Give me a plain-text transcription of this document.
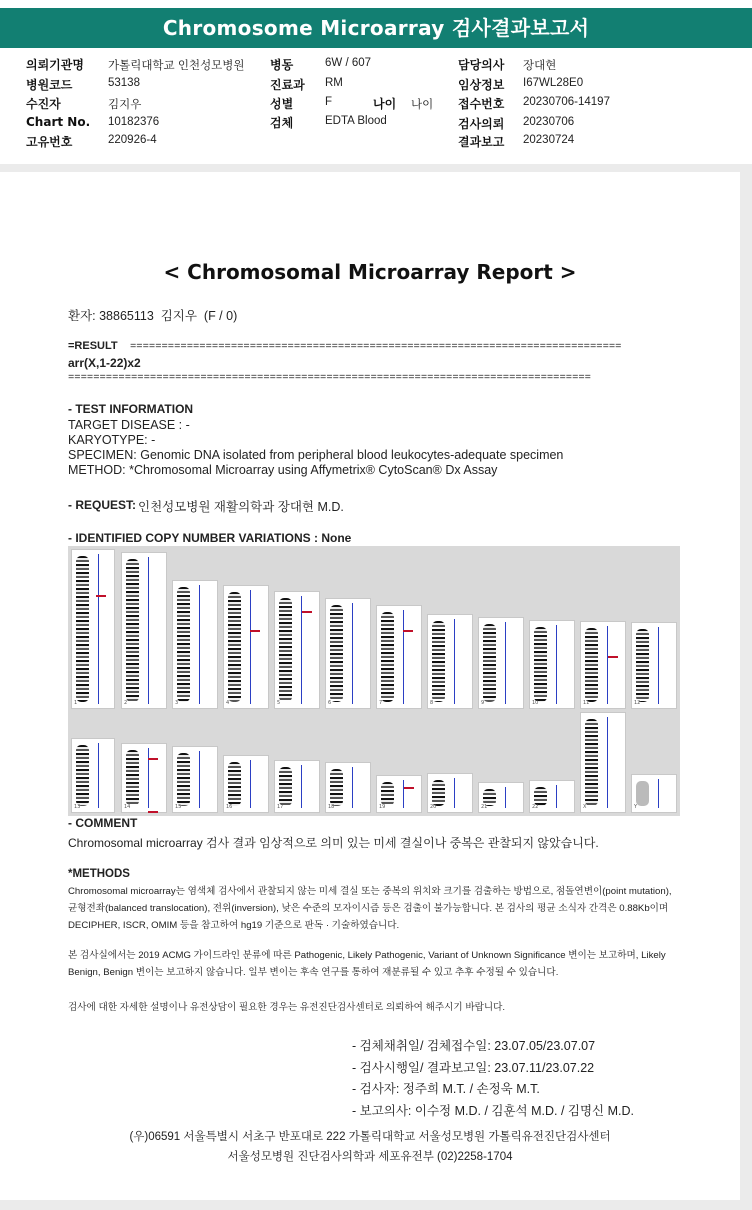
Chromosome Microarray 검사결과보고서
의뢰기관명 가톨릭대학교 인천성모병원
병원코드	53138
수진자	김지우
Chart No. 10182376
고유번호	220926-4
병동	6W / 607
진료과 RM
성별	F
검체	EDTA Blood
나이 나이
담당의사 장대현
임상정보 I67WL28E0
접수번호 20230706-14197
검사의뢰 20230706
결과보고 20230724
< Chromosomal Microarray Report >
환자: 38865113  김지우  (F / 0)
=RESULT ==============================================================================
arr(X,1-22)x2
===================================================================================
- TEST INFORMATION
TARGET DISEASE : -
KARYOTYPE: -
SPECIMEN: Genomic DNA isolated from peripheral blood leukocytes-adequate specimen
METHOD: *Chromosomal Microarray using Affymetrix® CytoScan® Dx Assay
- REQUEST: 인천성모병원 재활의학과 장대현 M.D.
- IDENTIFIED COPY NUMBER VARIATIONS : None
1	2	3	4	5	6	7	8	9	10	11	12
13	14	15	16	17	18	19	20	21	22	X	Y
- COMMENT
Chromosomal microarray 검사 결과 임상적으로 의미 있는 미세 결실이나 중복은 관찰되지 않았습니다.
*METHODS
Chromosomal microarray는 염색체 검사에서 관찰되지 않는 미세 결실 또는 중복의 위치와 크기를 검출하는 방법으로, 점돌연변이(point mutation), 균형전좌(balanced translocation), 전위(inversion), 낮은 수준의 모자이시즘 등은 검출이 불가능합니다. 본 검사의 평균 소식자 간격은 0.88Kb이며 DECIPHER, ISCR, OMIM 등을 참고하여 hg19 기준으로 판독 · 기술하였습니다.
본 검사실에서는 2019 ACMG 가이드라인 분류에 따른 Pathogenic, Likely Pathogenic, Variant of Unknown Significance 변이는 보고하며, Likely Benign, Benign 변이는 보고하지 않습니다. 일부 변이는 후속 연구를 통하여 재분류될 수 있고 추후 수정될 수 있습니다.
검사에 대한 자세한 설명이나 유전상담이 필요한 경우는 유전진단검사센터로 의뢰하여 해주시기 바랍니다.
- 검체채취일/ 검체접수일: 23.07.05/23.07.07
- 검사시행일/ 결과보고일: 23.07.11/23.07.22
- 검사자: 정주희 M.T. / 손정욱 M.T.
- 보고의사: 이수정 M.D. / 김훈석 M.D. / 김명신 M.D.
(우)06591 서울특별시 서초구 반포대로 222 가톨릭대학교 서울성모병원 가톨릭유전진단검사센터
서울성모병원 진단검사의학과 세포유전부 (02)2258-1704
